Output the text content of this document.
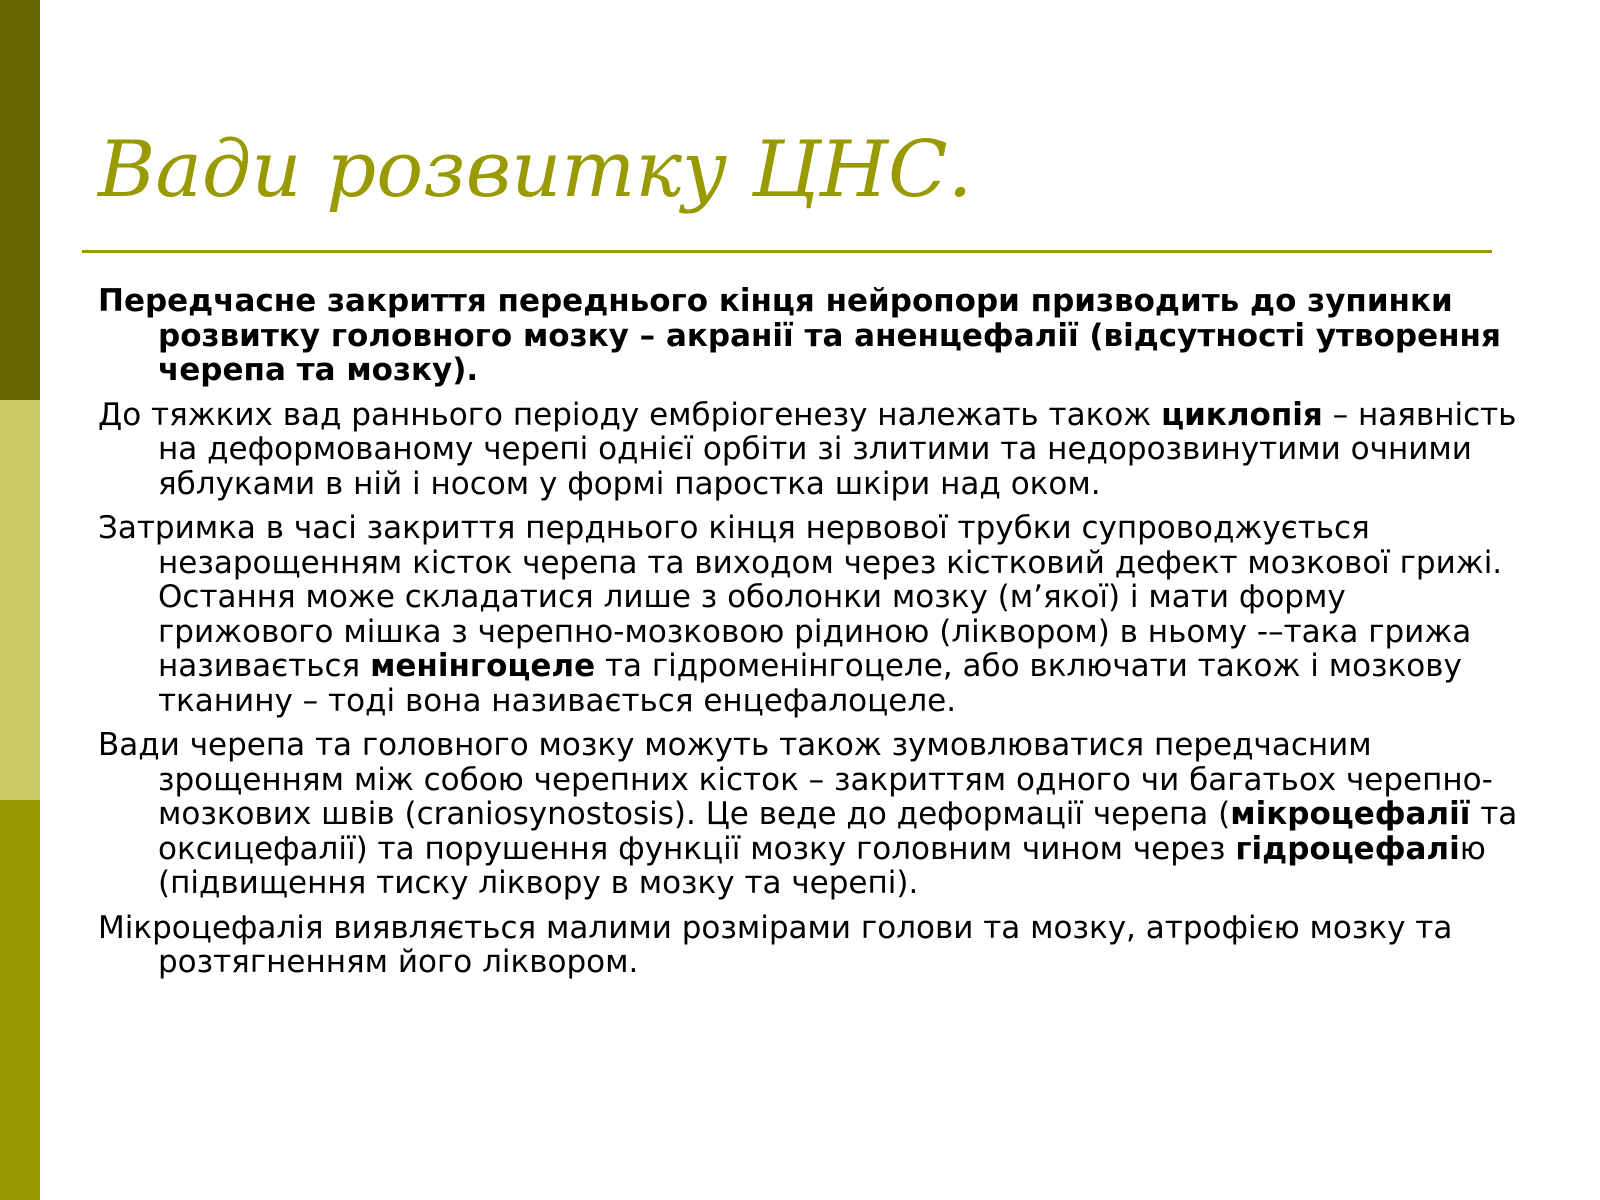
Вади розвитку ЦНС.

Передчасне закриття переднього кінця нейропори призводить до зупинки розвитку головного мозку – акранії та аненцефалії (відсутності утворення черепа та мозку).

До тяжких вад раннього періоду ембріогенезу належать також циклопія – наявність на деформованому черепі однієї орбіти зі злитими та недорозвинутими очними яблуками в ній і носом у формі паростка шкіри над оком.

Затримка в часі закриття перднього кінця нервової трубки супроводжується незарощенням кісток черепа та виходом через кістковий дефект мозкової грижі. Остання може складатися лише з оболонки мозку (м’якої) і мати форму грижового мішка з черепно-мозковою рідиною (ліквором) в ньому -–така грижа називається менінгоцеле та гідроменінгоцеле, або включати також і мозкову тканину – тоді вона називається енцефалоцеле.

Вади черепа та головного мозку можуть також зумовлюватися передчасним зрощенням між собою черепних кісток – закриттям одного чи багатьох черепно-мозкових швів (craniosynostosis). Це веде до деформації черепа (мікроцефалії та оксицефалії) та порушення функції мозку головним чином через гідроцефалію (підвищення тиску ліквору в мозку та черепі).

Мікроцефалія виявляється малими розмірами голови та мозку, атрофією мозку та розтягненням його ліквором.
